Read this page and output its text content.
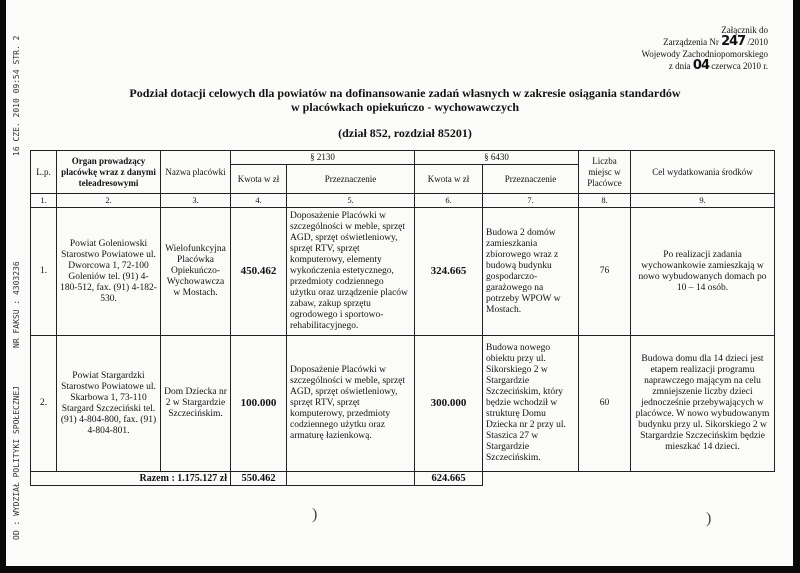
OD : WYDZIAŁ POLITYKI SPOŁECZNEJ
NR FAKSU : 4303236
16 CZE. 2010 09:54 STR. 2
Załącznik do
Zarządzenia Nr 247 /2010
Wojewody Zachodniopomorskiego
z dnia 04 czerwca 2010 r.
Podział dotacji celowych dla powiatów na dofinansowanie zadań własnych w zakresie osiągania standardów
w placówkach opiekuńczo - wychowawczych
(dział 852, rozdział 85201)
L.p.	Organ prowadzący placówkę wraz z danymi teleadresowymi	Nazwa placówki	§ 2130		§ 6430		Liczba miejsc w Placówce	Cel wydatkowania środków
			Kwota w zł	Przeznaczenie	Kwota w zł	Przeznaczenie		
1.	2.	3.	4.	5.	6.	7.	8.	9.
1.	Powiat Goleniowski Starostwo Powiatowe ul. Dworcowa 1, 72-100 Goleniów tel. (91) 4-180-512, fax. (91) 4-182-530.	Wielofunkcyjna Placówka Opiekuńczo-Wychowawcza w Mostach.	450.462	Doposażenie Placówki w szczególności w meble, sprzęt AGD, sprzęt oświetleniowy, sprzęt RTV, sprzęt komputerowy, elementy wykończenia estetycznego, przedmioty codziennego użytku oraz urządzenie placów zabaw, zakup sprzętu ogrodowego i sportowo-rehabilitacyjnego.	324.665	Budowa 2 domów zamieszkania zbiorowego wraz z budową budynku gospodarczo-garażowego na potrzeby WPOW w Mostach.	76	Po realizacji zadania wychowankowie zamieszkają w nowo wybudowanych domach po 10 – 14 osób.
2.	Powiat Stargardzki Starostwo Powiatowe ul. Skarbowa 1, 73-110 Stargard Szczeciński tel. (91) 4-804-800, fax. (91) 4-804-801.	Dom Dziecka nr 2 w Stargardzie Szczecińskim.	100.000	Doposażenie Placówki w szczególności w meble, sprzęt AGD, sprzęt oświetleniowy, sprzęt RTV, sprzęt komputerowy, przedmioty codziennego użytku oraz armaturę łazienkową.	300.000	Budowa nowego obiektu przy ul. Sikorskiego 2 w Stargardzie Szczecińskim, który będzie wchodził w strukturę Domu Dziecka nr 2 przy ul. Staszica 27 w Stargardzie Szczecińskim.	60	Budowa domu dla 14 dzieci jest etapem realizacji programu naprawczego mającym na celu zmniejszenie liczby dzieci jednocześnie przebywających w placówce. W nowo wybudowanym budynku przy ul. Sikorskiego 2 w Stargardzie Szczecińskim będzie mieszkać 14 dzieci.
Razem : 1.175.127 zł			550.462		624.665			
)	)
